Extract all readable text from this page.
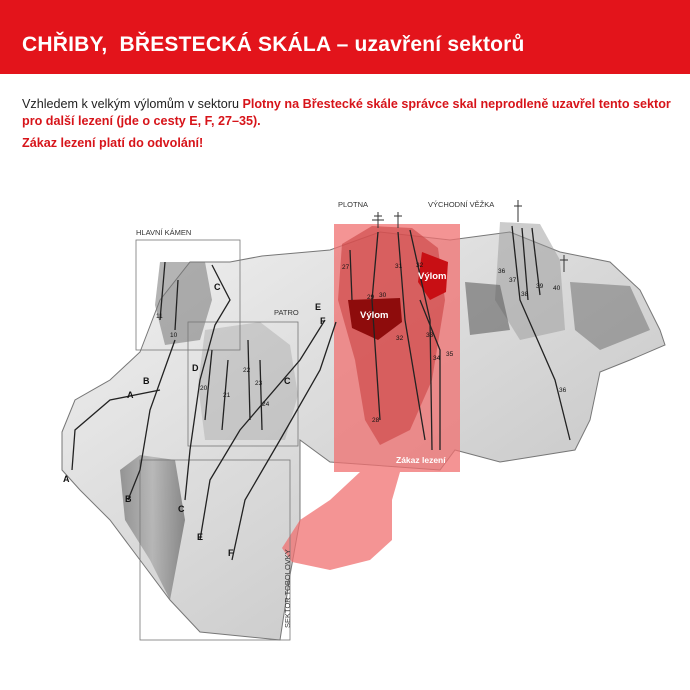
CHŘIBY,  BŘESTECKÁ SKÁLA – uzavření sektorů
Vzhledem k velkým výlomům v sektoru Plotny na Břestecké skále správce skal neprodleně uzavřel tento sektor pro další lezení (jde o cesty E, F, 27–35).
Zákaz lezení platí do odvolání!
A
B
A
B
C
C
C
D
E
E
F
F
11
10
20
21
22
23
24
27	31 32
29 30
32	33
34
35
28
36
37
38
39 40
36
HLAVNÍ KÁMEN
PATRO
PLOTNA	VÝCHODNÍ VĚŽKA
SEKTOR TOBOLOVKY
Výlom
Výlom
Zákaz lezení
